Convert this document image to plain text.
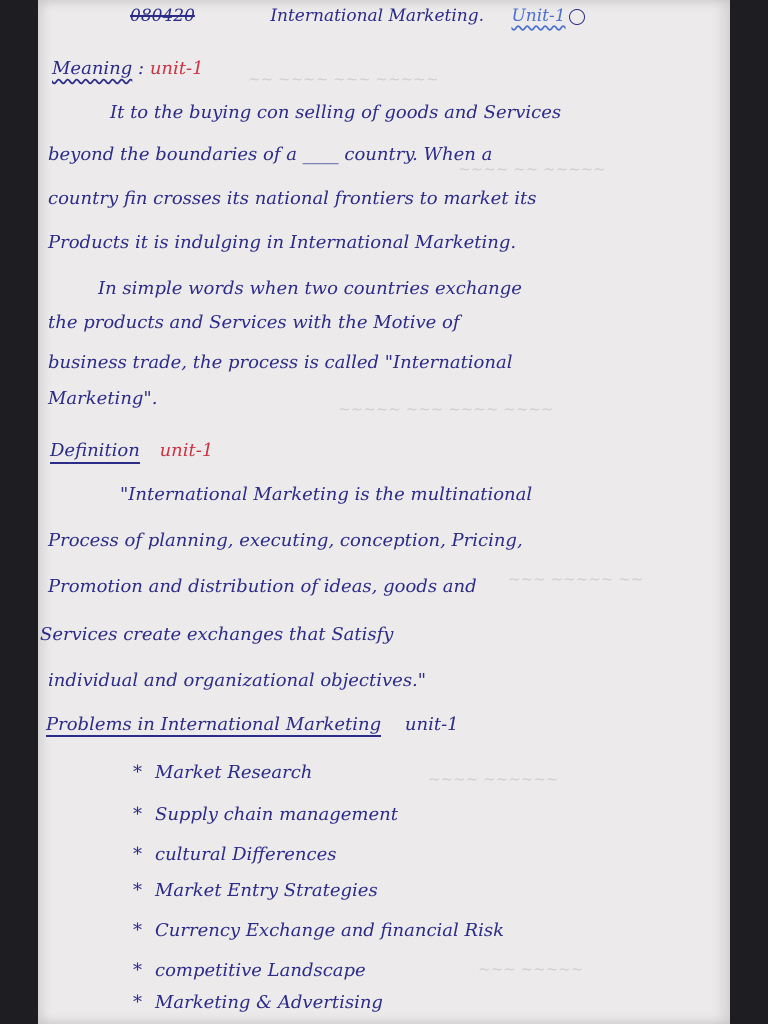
~~ ~~~~ ~~~ ~~~~~
~~~~ ~~ ~~~~~
~~~~~ ~~~ ~~~~ ~~~~
~~~ ~~~~~ ~~
~~~~ ~~~~~~
~~~ ~~~~~
080420	International Marketing. Unit-1
Meaning : unit-1
It to the buying con selling of goods and Services
beyond the boundaries of a ____ country. When a
country fin crosses its national frontiers to market its
Products it is indulging in International Marketing.
In simple words when two countries exchange
the products and Services with the Motive of
business trade, the process is called "International
Marketing".
Definition unit-1
"International Marketing is the multinational
Process of planning, executing, conception, Pricing,
Promotion and distribution of ideas, goods and
Services create exchanges that Satisfy
individual and organizational objectives."
Problems in International Marketing unit-1
* Market Research
* Supply chain management
* cultural Differences
* Market Entry Strategies
* Currency Exchange and financial Risk
* competitive Landscape
* Marketing & Advertising
